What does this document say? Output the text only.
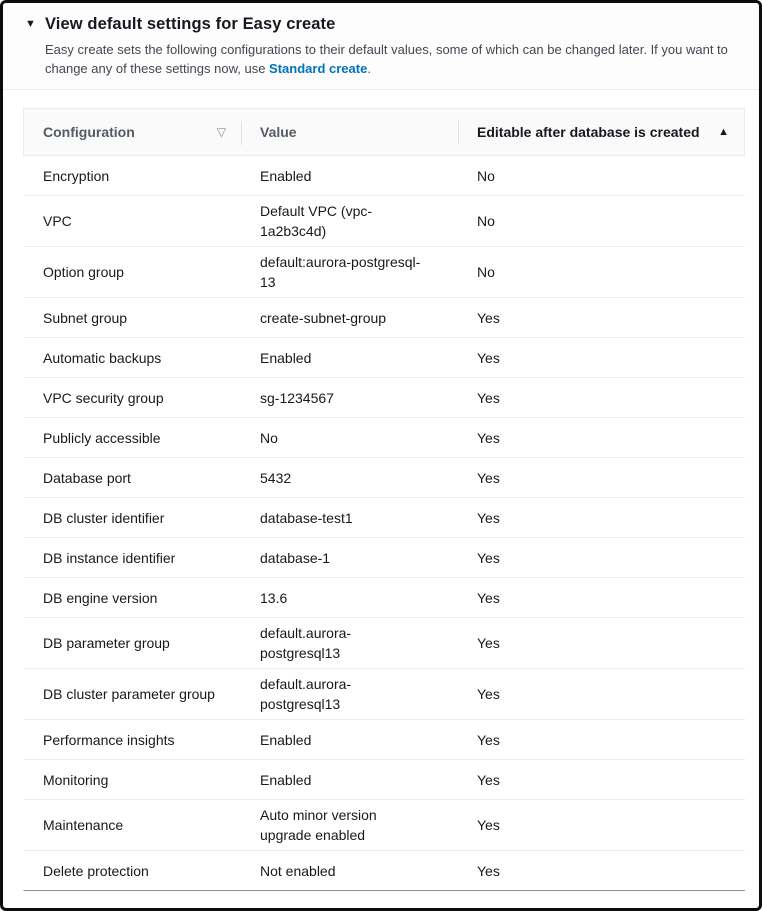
▼ View default settings for Easy create

Easy create sets the following configurations to their default values, some of which can be changed later. If you want to change any of these settings now, use Standard create.

Configuration ▽	Value	Editable after database is created ▲

Encryption	Enabled	No
VPC	Default VPC (vpc-1a2b3c4d)	No
Option group	default:aurora-postgresql-13	No
Subnet group	create-subnet-group	Yes
Automatic backups	Enabled	Yes
VPC security group	sg-1234567	Yes
Publicly accessible	No	Yes
Database port	5432	Yes
DB cluster identifier	database-test1	Yes
DB instance identifier	database-1	Yes
DB engine version	13.6	Yes
DB parameter group	default.aurora-postgresql13	Yes
DB cluster parameter group	default.aurora-postgresql13	Yes
Performance insights	Enabled	Yes
Monitoring	Enabled	Yes
Maintenance	Auto minor version upgrade enabled	Yes
Delete protection	Not enabled	Yes
